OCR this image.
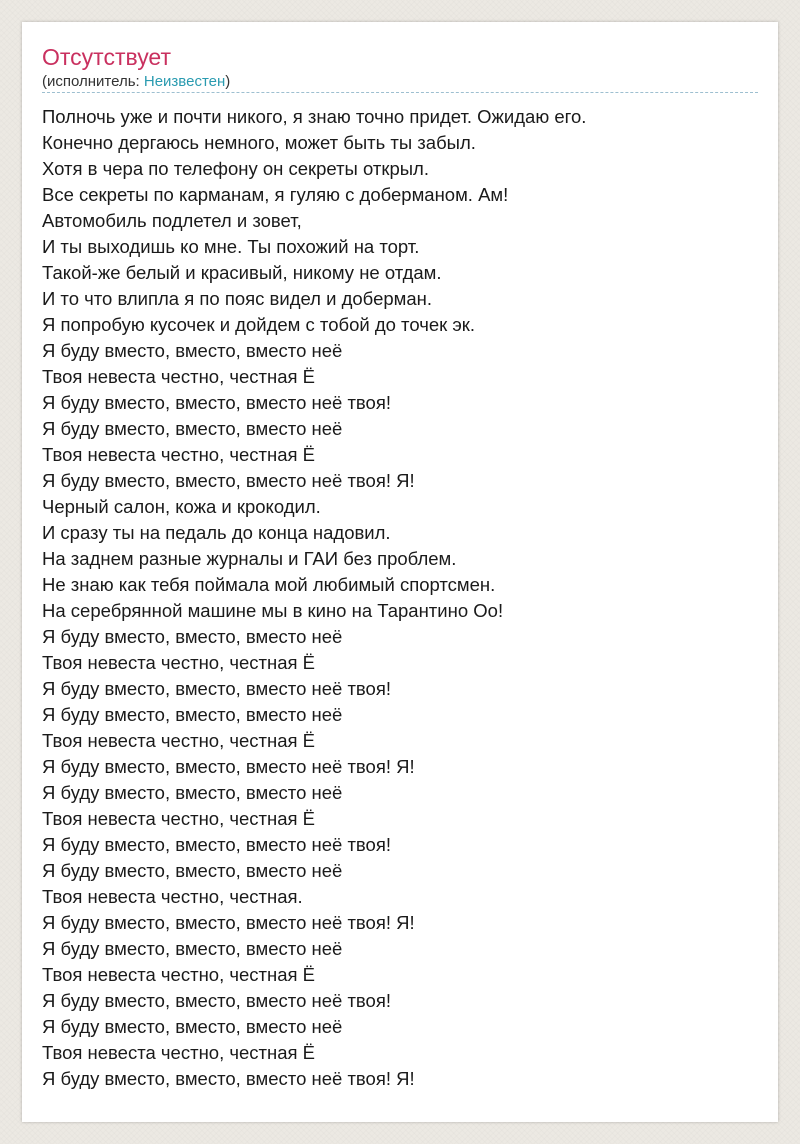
Отсутствует
(исполнитель: Неизвестен)
Полночь уже и почти никого, я знаю точно придет. Ожидаю его.
Конечно дергаюсь немного, может быть ты забыл.
Хотя в чера по телефону он секреты открыл.
Все секреты по карманам, я гуляю с доберманом. Ам!
Автомобиль подлетел и зовет,
И ты выходишь ко мне. Ты похожий на торт.
Такой-же белый и красивый, никому не отдам.
И то что влипла я по пояс видел и доберман.
Я попробую кусочек и дойдем с тобой до точек эк.
Я буду вместо, вместо, вместо неё
Твоя невеста честно, честная Ё
Я буду вместо, вместо, вместо неё твоя!
Я буду вместо, вместо, вместо неё
Твоя невеста честно, честная Ё
Я буду вместо, вместо, вместо неё твоя! Я!
Черный салон, кожа и крокодил.
И сразу ты на педаль до конца надовил.
На заднем разные журналы и ГАИ без проблем.
Не знаю как тебя поймала мой любимый спортсмен.
На серебрянной машине мы в кино на Тарантино Оо!
Я буду вместо, вместо, вместо неё
Твоя невеста честно, честная Ё
Я буду вместо, вместо, вместо неё твоя!
Я буду вместо, вместо, вместо неё
Твоя невеста честно, честная Ё
Я буду вместо, вместо, вместо неё твоя! Я!
Я буду вместо, вместо, вместо неё
Твоя невеста честно, честная Ё
Я буду вместо, вместо, вместо неё твоя!
Я буду вместо, вместо, вместо неё
Твоя невеста честно, честная.
Я буду вместо, вместо, вместо неё твоя! Я!
Я буду вместо, вместо, вместо неё
Твоя невеста честно, честная Ё
Я буду вместо, вместо, вместо неё твоя!
Я буду вместо, вместо, вместо неё
Твоя невеста честно, честная Ё
Я буду вместо, вместо, вместо неё твоя! Я!
